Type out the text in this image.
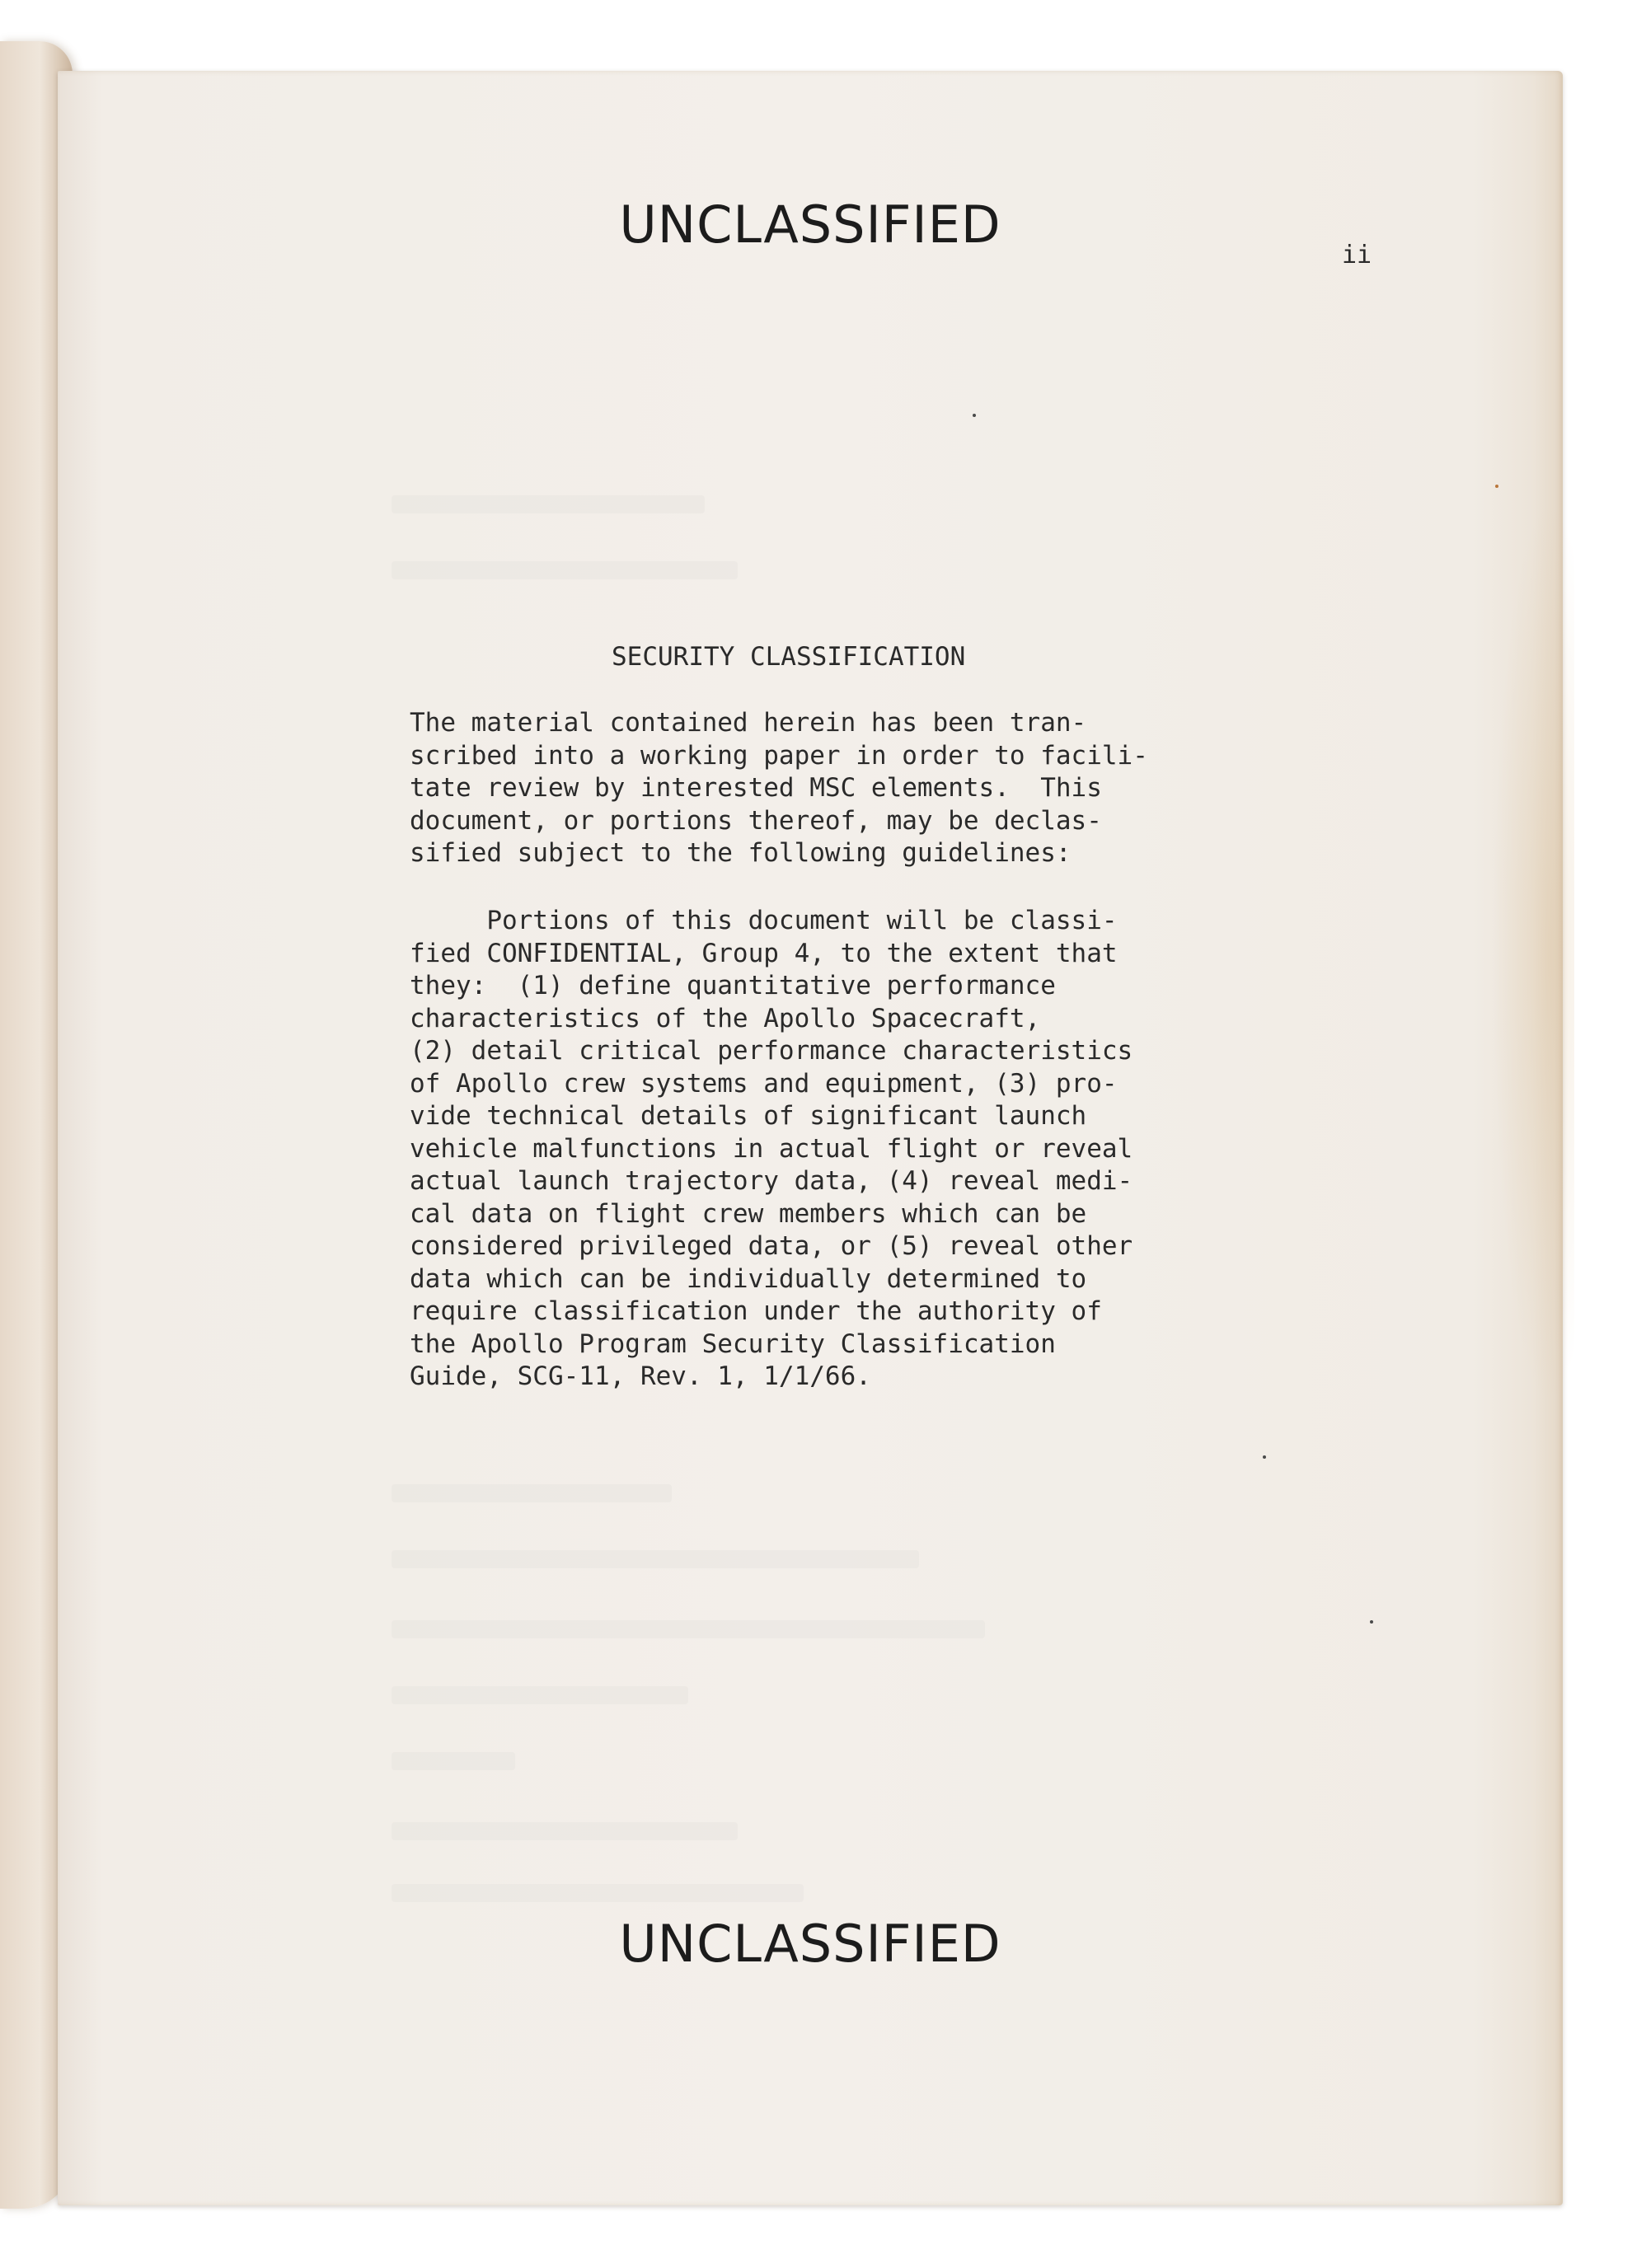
UNCLASSIFIED
ii
SECURITY CLASSIFICATION
The material contained herein has been tran-
scribed into a working paper in order to facili-
tate review by interested MSC elements.  This
document, or portions thereof, may be declas-
sified subject to the following guidelines:
Portions of this document will be classi-
fied CONFIDENTIAL, Group 4, to the extent that
they:  (1) define quantitative performance
characteristics of the Apollo Spacecraft,
(2) detail critical performance characteristics
of Apollo crew systems and equipment, (3) pro-
vide technical details of significant launch
vehicle malfunctions in actual flight or reveal
actual launch trajectory data, (4) reveal medi-
cal data on flight crew members which can be
considered privileged data, or (5) reveal other
data which can be individually determined to
require classification under the authority of
the Apollo Program Security Classification
Guide, SCG-11, Rev. 1, 1/1/66.
UNCLASSIFIED
